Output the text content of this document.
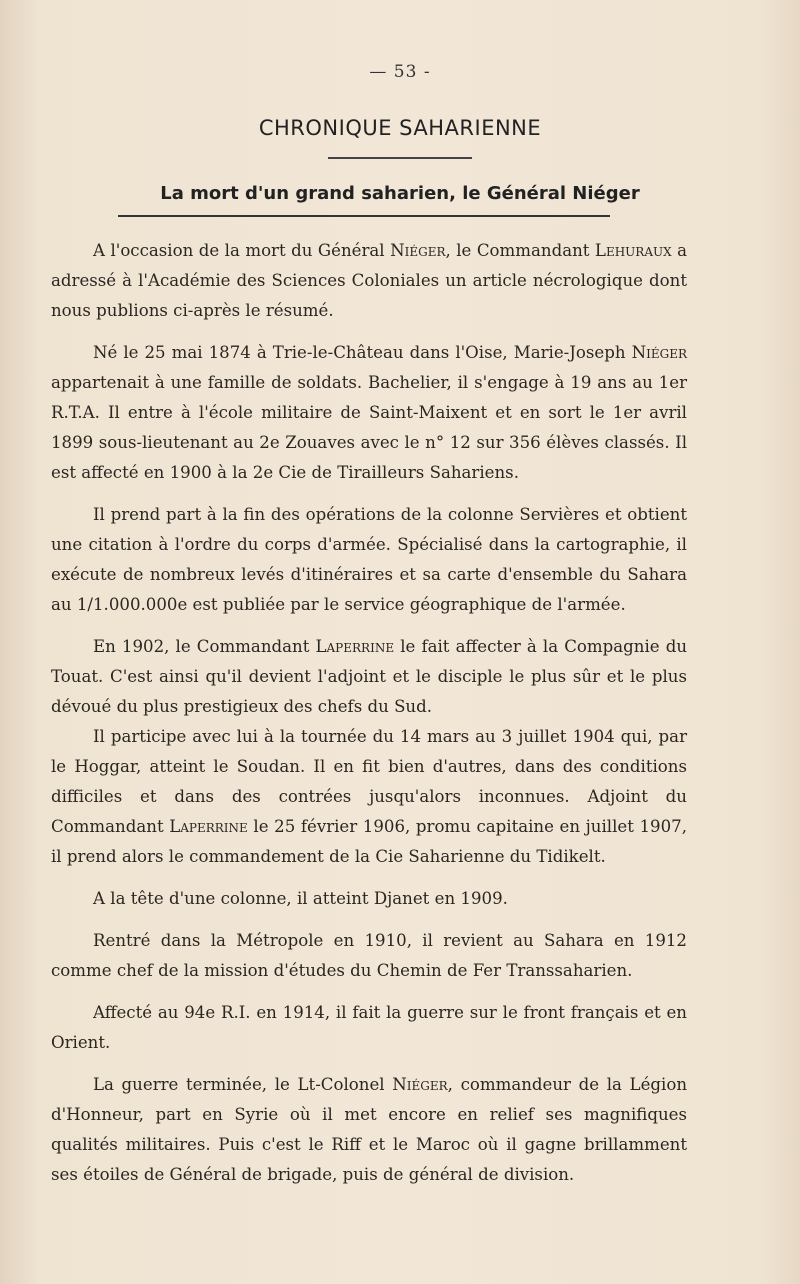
— 53 -
CHRONIQUE SAHARIENNE
La mort d'un grand saharien, le Général Niéger

A l'occasion de la mort du Général Niéger, le Commandant Lehuraux a adressé à l'Académie des Sciences Coloniales un article nécrologique dont nous publions ci-après le résumé.

Né le 25 mai 1874 à Trie-le-Château dans l'Oise, Marie-Joseph Niéger appartenait à une famille de soldats. Bachelier, il s'engage à 19 ans au 1er R.T.A. Il entre à l'école militaire de Saint-Maixent et en sort le 1er avril 1899 sous-lieutenant au 2e Zouaves avec le n° 12 sur 356 élèves classés. Il est affecté en 1900 à la 2e Cie de Tirailleurs Sahariens.

Il prend part à la fin des opérations de la colonne Servières et obtient une citation à l'ordre du corps d'armée. Spécialisé dans la cartographie, il exécute de nombreux levés d'itinéraires et sa carte d'ensemble du Sahara au 1/1.000.000e est publiée par le service géographique de l'armée.

En 1902, le Commandant Laperrine le fait affecter à la Compagnie du Touat. C'est ainsi qu'il devient l'adjoint et le disciple le plus sûr et le plus dévoué du plus prestigieux des chefs du Sud.

Il participe avec lui à la tournée du 14 mars au 3 juillet 1904 qui, par le Hoggar, atteint le Soudan. Il en fit bien d'autres, dans des conditions difficiles et dans des contrées jusqu'alors inconnues. Adjoint du Commandant Laperrine le 25 février 1906, promu capitaine en juillet 1907, il prend alors le commandement de la Cie Saharienne du Tidikelt.

A la tête d'une colonne, il atteint Djanet en 1909.

Rentré dans la Métropole en 1910, il revient au Sahara en 1912 comme chef de la mission d'études du Chemin de Fer Transsaharien.

Affecté au 94e R.I. en 1914, il fait la guerre sur le front français et en Orient.

La guerre terminée, le Lt-Colonel Niéger, commandeur de la Légion d'Honneur, part en Syrie où il met encore en relief ses magnifiques qualités militaires. Puis c'est le Riff et le Maroc où il gagne brillamment ses étoiles de Général de brigade, puis de général de division.
